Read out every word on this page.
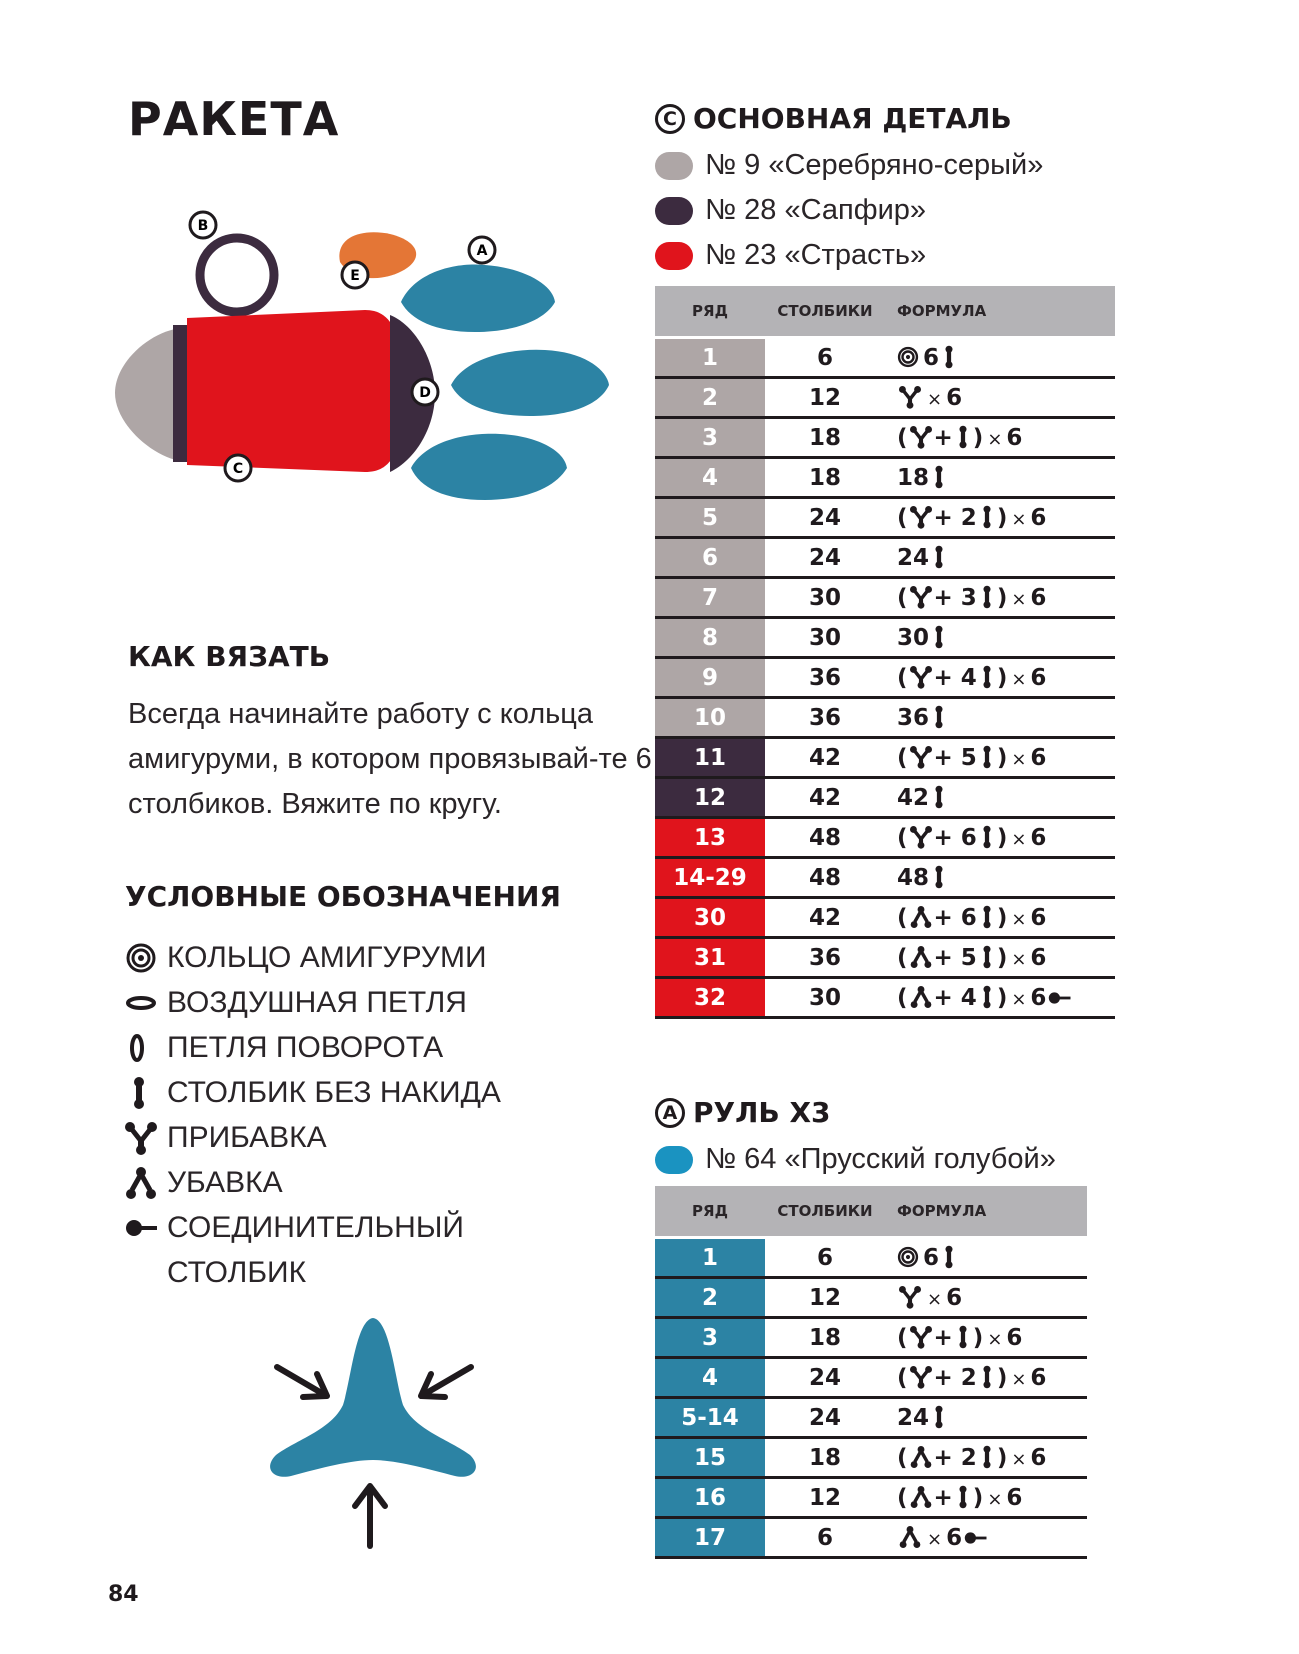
РАКЕТА
B
E
A
D
C
КАК ВЯЗАТЬ
Всегда начинайте работу с кольца амигуруми, в котором провязывай-те 6 столбиков. Вяжите по кругу.
УСЛОВНЫЕ ОБОЗНАЧЕНИЯ
КОЛЬЦО АМИГУРУМИ
ВОЗДУШНАЯ ПЕТЛЯ
ПЕТЛЯ ПОВОРОТА
СТОЛБИК БЕЗ НАКИДА
ПРИБАВКА
УБАВКА
СОЕДИНИТЕЛЬНЫЙ
СТОЛБИК
84
C ОСНОВНАЯ ДЕТАЛЬ
№ 9 «Серебряно-серый»
№ 28 «Сапфир»
№ 23 «Страсть»
РЯД	СТОЛБИКИ	ФОРМУЛА
1	6	6
2	12	× 6
3	18	( + ) × 6
4	18	18
5	24	( + 2 ) × 6
6	24	24
7	30	( + 3 ) × 6
8	30	30
9	36	( + 4 ) × 6
10	36	36
11	42	( + 5 ) × 6
12	42	42
13	48	( + 6 ) × 6
14-29	48	48
30	42	( + 6 ) × 6
31	36	( + 5 ) × 6
32	30	( + 4 ) × 6
A РУЛЬ X3
№ 64 «Прусский голубой»
РЯД	СТОЛБИКИ	ФОРМУЛА
1	6	6
2	12	× 6
3	18	( + ) × 6
4	24	( + 2 ) × 6
5-14	24	24
15	18	( + 2 ) × 6
16	12	( + ) × 6
17	6	× 6
